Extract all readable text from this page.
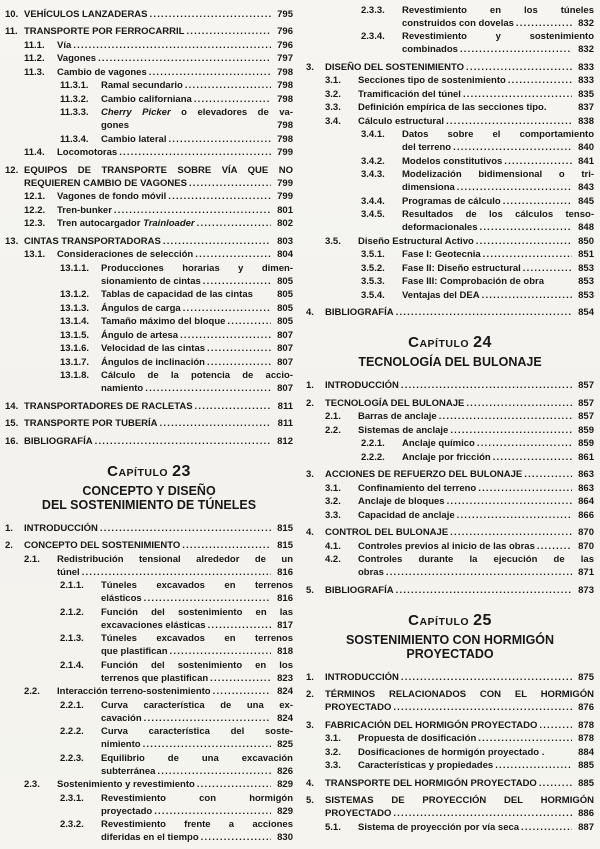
10. VEHÍCULOS LANZADERAS .....	795
11. TRANSPORTE POR FERROCARRIL .....	796
11.1.	Vía .....	796
11.2.	Vagones .....	797
11.3.	Cambio de vagones .....	798
11.3.1.	Ramal secundario .....	798
11.3.2.	Cambio californiana .....	798
11.3.3.	Cherry Picker o elevadores de va-
gones	798
11.3.4.	Cambio lateral .....	798
11.4.	Locomotoras .....	799
12. EQUIPOS DE TRANSPORTE SOBRE VÍA QUE NO
REQUIEREN CAMBIO DE VAGONES .....	799
12.1.	Vagones de fondo móvil .....	799
12.2.	Tren-bunker .....	801
12.3.	Tren autocargador Trainloader .....	802
13. CINTAS TRANSPORTADORAS .....	803
13.1.	Consideraciones de selección .....	804
13.1.1.	Producciones horarias y dimen-
sionamiento de cintas .....	805
13.1.2.	Tablas de capacidad de las cintas	805
13.1.3.	Ángulos de carga .....	805
13.1.4.	Tamaño máximo del bloque .....	805
13.1.5.	Ángulo de artesa .....	807
13.1.6.	Velocidad de las cintas .....	807
13.1.7.	Ángulos de inclinación .....	807
13.1.8.	Cálculo de la potencia de accio-
namiento .....	807
14. TRANSPORTADORES DE RACLETAS .....	811
15. TRANSPORTE POR TUBERÍA .....	811
16. BIBLIOGRAFÍA .....	812
CAPÍTULO 23
CONCEPTO Y DISEÑO
DEL SOSTENIMIENTO DE TÚNELES
1.	INTRODUCCIÓN .....	815
2.	CONCEPTO DEL SOSTENIMIENTO .....	815
2.1.	Redistribución tensional alrededor de un
túnel .....	816
2.1.1.	Túneles excavados en terrenos
elásticos .....	816
2.1.2.	Función del sostenimiento en las
excavaciones elásticas .....	817
2.1.3.	Túneles excavados en terrenos
que plastifican .....	818
2.1.4.	Función del sostenimiento en los
terrenos que plastifican .....	823
2.2.	Interacción terreno-sostenimiento .....	824
2.2.1.	Curva característica de una ex-
cavación .....	824
2.2.2.	Curva característica del soste-
nimiento .....	825
2.2.3.	Equilibrio de una excavación
subterránea .....	826
2.3.	Sostenimiento y revestimiento .....	829
2.3.1.	Revestimiento con hormigón
proyectado .....	829
2.3.2.	Revestimiento frente a acciones
diferidas en el tiempo .....	830
2.3.3.	Revestimiento en los túneles
construidos con dovelas .....	832
2.3.4.	Revestimiento y sostenimiento
combinados .....	832
3.	DISEÑO DEL SOSTENIMIENTO .....	833
3.1.	Secciones tipo de sostenimiento .....	833
3.2.	Tramificación del túnel .....	835
3.3.	Definición empírica de las secciones tipo.	837
3.4.	Cálculo estructural .....	838
3.4.1.	Datos sobre el comportamiento
del terreno .....	840
3.4.2.	Modelos constitutivos .....	841
3.4.3.	Modelización bidimensional o tri-
dimensiona .....	843
3.4.4.	Programas de cálculo .....	845
3.4.5.	Resultados de los cálculos tenso-
deformacionales .....	848
3.5.	Diseño Estructural Activo .....	850
3.5.1.	Fase I: Geotecnia .....	851
3.5.2.	Fase II: Diseño estructural .....	853
3.5.3.	Fase III: Comprobación de obra	853
3.5.4.	Ventajas del DEA .....	853
4.	BIBLIOGRAFÍA .....	854
CAPÍTULO 24
TECNOLOGÍA DEL BULONAJE
1.	INTRODUCCIÓN .....	857
2.	TECNOLOGÍA DEL BULONAJE .....	857
2.1.	Barras de anclaje .....	857
2.2.	Sistemas de anclaje .....	859
2.2.1.	Anclaje químico .....	859
2.2.2.	Anclaje por fricción .....	861
3.	ACCIONES DE REFUERZO DEL BULONAJE .....	863
3.1.	Confinamiento del terreno .....	863
3.2.	Anclaje de bloques .....	864
3.3.	Capacidad de anclaje .....	866
4.	CONTROL DEL BULONAJE .....	870
4.1.	Controles previos al inicio de las obras .....	870
4.2.	Controles durante la ejecución de las
obras .....	871
5.	BIBLIOGRAFÍA .....	873
CAPÍTULO 25
SOSTENIMIENTO CON HORMIGÓN
PROYECTADO
1.	INTRODUCCIÓN .....	875
2.	TÉRMINOS RELACIONADOS CON EL HORMIGÓN
PROYECTADO .....	876
3.	FABRICACIÓN DEL HORMIGÓN PROYECTADO .....	878
3.1.	Propuesta de dosificación .....	878
3.2.	Dosificaciones de hormigón proyectado .	884
3.3.	Características y propiedades .....	885
4.	TRANSPORTE DEL HORMIGÓN PROYECTADO .....	885
5.	SISTEMAS DE PROYECCIÓN DEL HORMIGÓN
PROYECTADO .....	886
5.1.	Sistema de proyección por vía seca .....	887
